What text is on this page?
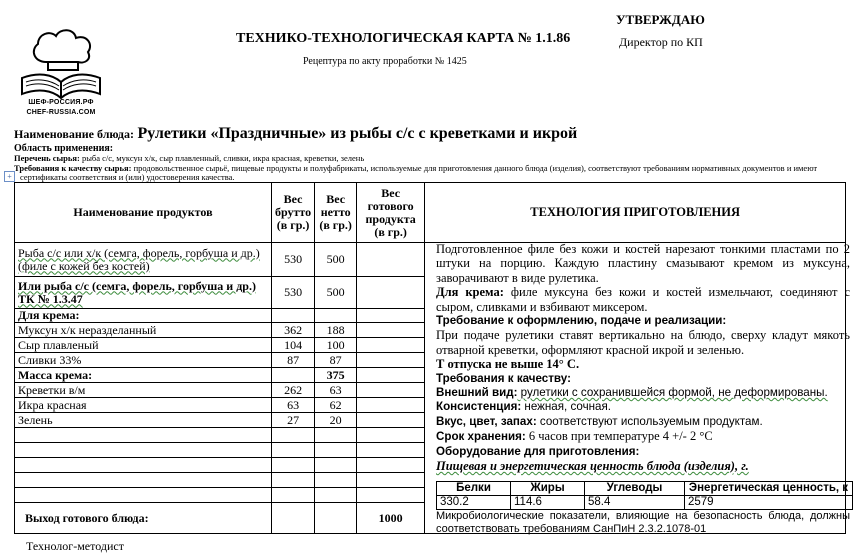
ШЕФ-РОССИЯ.РФ
CHEF-RUSSIA.COM
ТЕХНИКО-ТЕХНОЛОГИЧЕСКАЯ КАРТА № 1.1.86
Рецептура по акту проработки № 1425
УТВЕРЖДАЮ
Директор по КП
Наименование блюда: Рулетики «Праздничные» из рыбы с/с с креветками и икрой
Область применения:
Перечень сырья: рыба с/с, муксун х/к, сыр плавленный, сливки, икра красная, креветки, зелень
Требования к качеству сырья: продовольственное сырьё, пищевые продукты и полуфабрикаты, используемые для приготовления данного блюда (изделия), соответствуют требованиям нормативных документов и имеют
сертификаты соответствия и (или) удостоверения качества.
+
Наименование продуктов	Вес брутто (в гр.)	Вес нетто (в гр.)	Вес готового продукта (в гр.)	ТЕХНОЛОГИЯ ПРИГОТОВЛЕНИЯ
Рыба с/с или х/к (семга, форель, горбуша и др.) (филе с кожей без костей)	530	500		
Или рыба с/с (семга, форель, горбуша и др.) ТК № 1.3.47	530	500		
Для крема:				
Муксун х/к неразделанный	362	188		
Сыр плавленый	104	100		
Сливки 33%	87	87		
Масса крема:		375		
Креветки в/м	262	63		
Икра красная	63	62		
Зелень	27	20		

Выход готового блюда:			1000	

Подготовленное филе без кожи и костей нарезают тонкими пластами по 2 штуки на порцию. Каждую пластину смазывают кремом из муксуна, заворачивают в виде рулетика.

Для крема: филе муксуна без кожи и костей измельчают, соединяют с сыром, сливками и взбивают миксером.

Требование к оформлению, подаче и реализации:

При подаче рулетики ставят вертикально на блюдо, сверху кладут мякоть отварной креветки, оформляют красной икрой и зеленью.

Т отпуска не выше 14° С.

Требования к качеству:

Внешний вид: рулетики с сохранившейся формой, не деформированы.

Консистенция: нежная, сочная.

Вкус, цвет, запах: соответствуют используемым продуктам.

Срок хранения: 6 часов при температуре 4 +/- 2 °С

Оборудование для приготовления:

Пищевая и энергетическая ценность блюда (изделия), г.

Белки	Жиры	Углеводы	Энергетическая ценность, к
330.2	114.6	58.4	2579
Микробиологические показатели, влияющие на безопасность блюда, должны соответствовать требованиям СанПиН 2.3.2.1078-01
Технолог-методист
